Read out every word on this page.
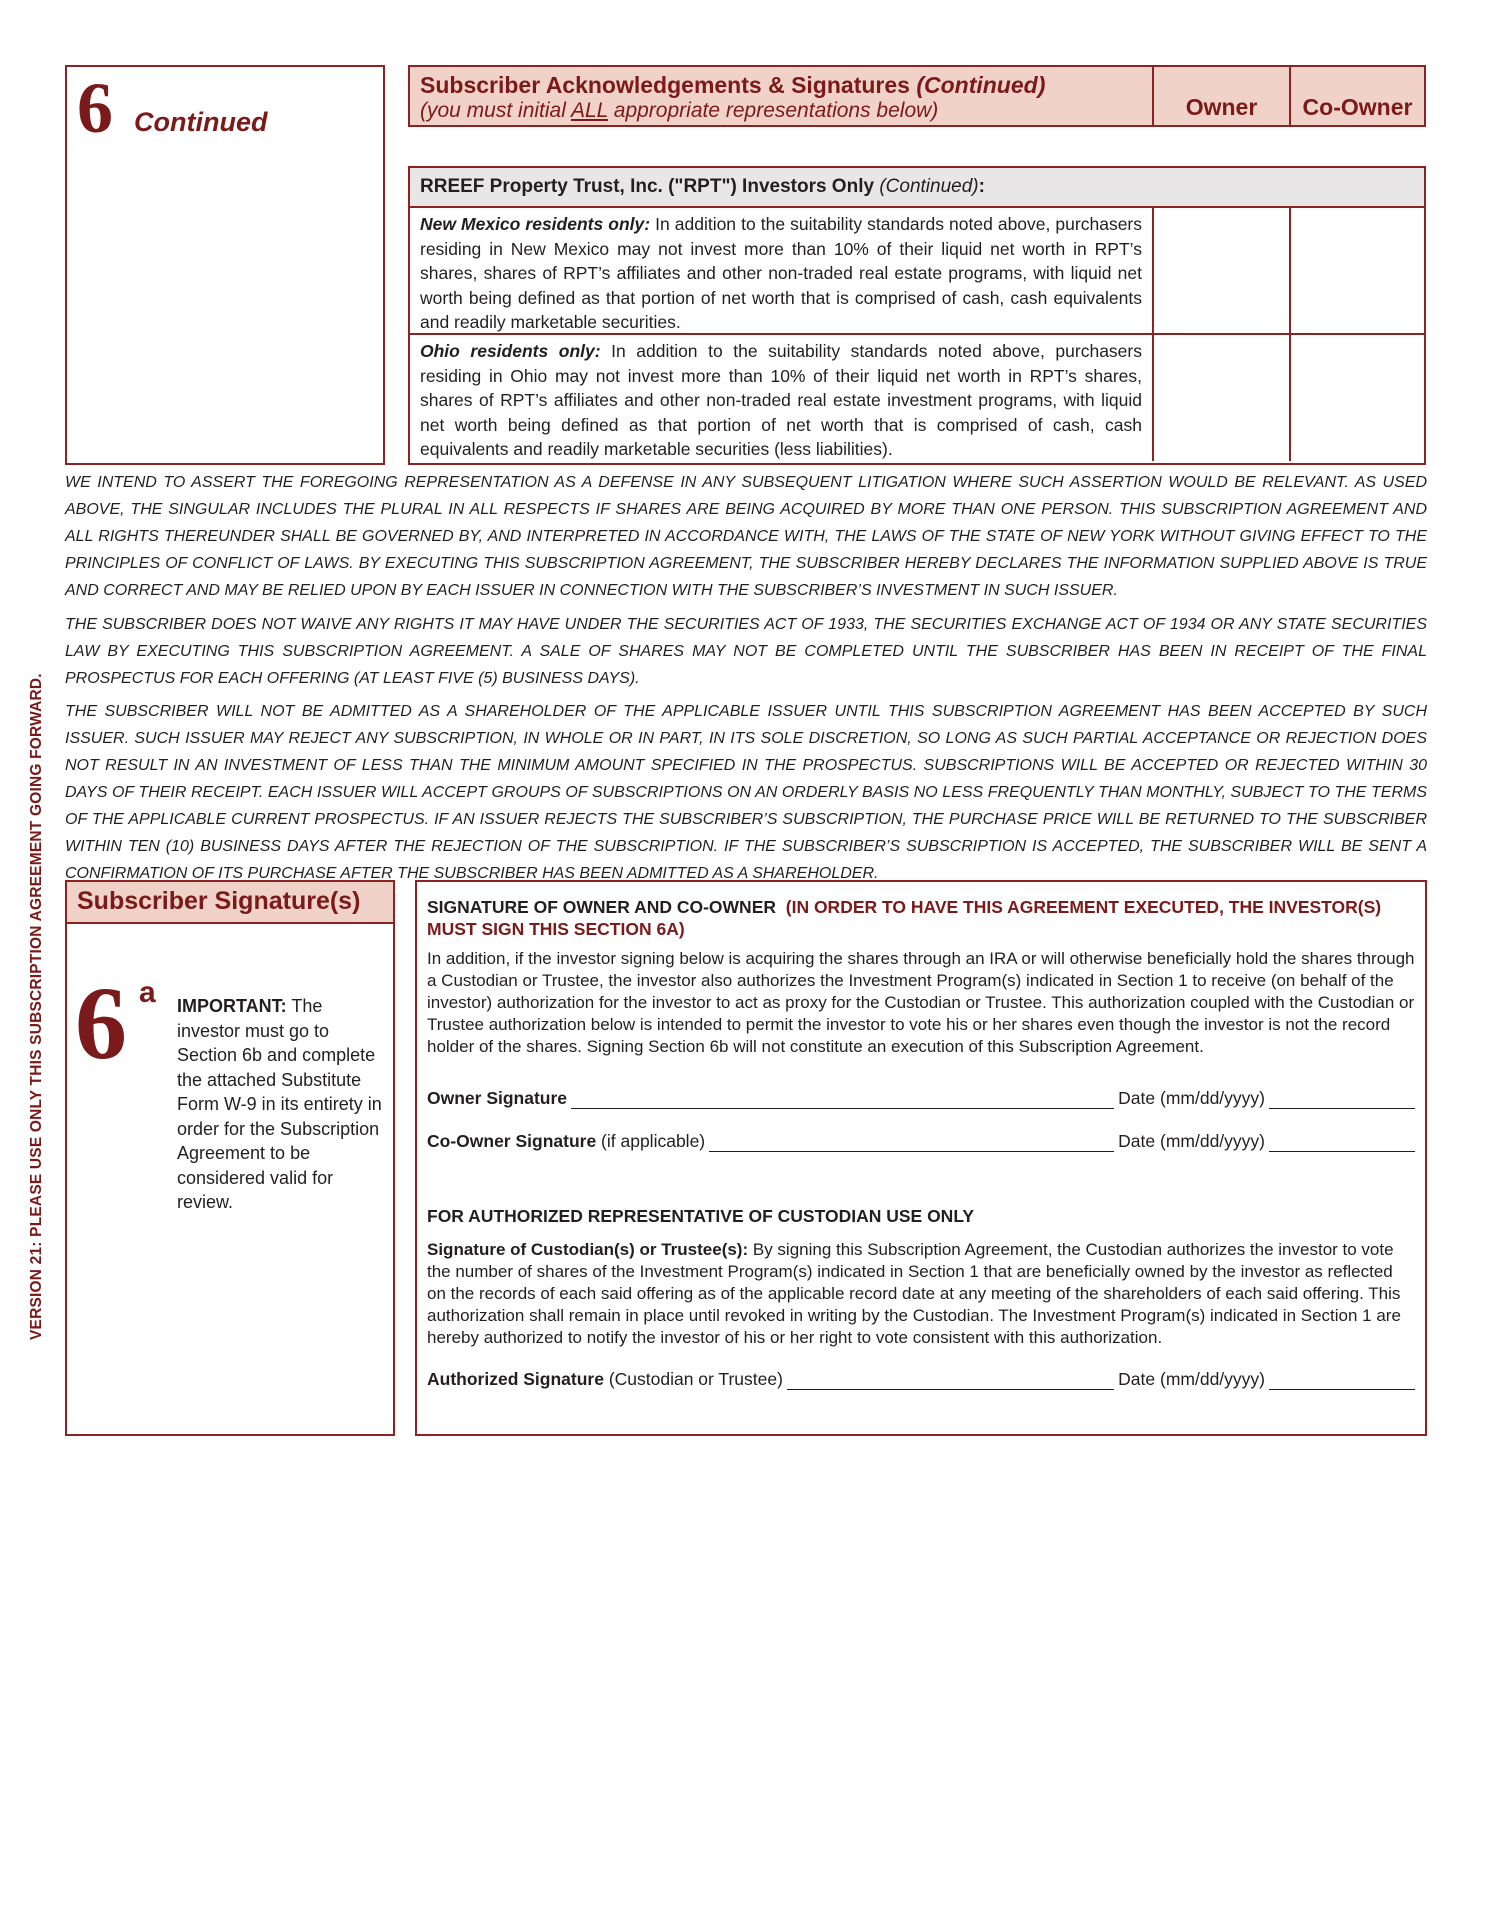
VERSION 21: PLEASE USE ONLY THIS SUBSCRIPTION AGREEMENT GOING FORWARD.
6 Continued
Subscriber Acknowledgements & Signatures (Continued)
(you must initial ALL appropriate representations below)	Owner	Co-Owner
RREEF Property Trust, Inc. ("RPT") Investors Only (Continued):
New Mexico residents only: In addition to the suitability standards noted above, purchasers residing in New Mexico may not invest more than 10% of their liquid net worth in RPT’s shares, shares of RPT’s affiliates and other non-traded real estate programs, with liquid net worth being defined as that portion of net worth that is comprised of cash, cash equivalents and readily marketable securities.
Ohio residents only: In addition to the suitability standards noted above, purchasers residing in Ohio may not invest more than 10% of their liquid net worth in RPT’s shares, shares of RPT’s affiliates and other non-traded real estate investment programs, with liquid net worth being defined as that portion of net worth that is comprised of cash, cash equivalents and readily marketable securities (less liabilities).
WE INTEND TO ASSERT THE FOREGOING REPRESENTATION AS A DEFENSE IN ANY SUBSEQUENT LITIGATION WHERE SUCH ASSERTION WOULD BE RELEVANT. AS USED ABOVE, THE SINGULAR INCLUDES THE PLURAL IN ALL RESPECTS IF SHARES ARE BEING ACQUIRED BY MORE THAN ONE PERSON. THIS SUBSCRIPTION AGREEMENT AND ALL RIGHTS THEREUNDER SHALL BE GOVERNED BY, AND INTERPRETED IN ACCORDANCE WITH, THE LAWS OF THE STATE OF NEW YORK WITHOUT GIVING EFFECT TO THE PRINCIPLES OF CONFLICT OF LAWS. BY EXECUTING THIS SUBSCRIPTION AGREEMENT, THE SUBSCRIBER HEREBY DECLARES THE INFORMATION SUPPLIED ABOVE IS TRUE AND CORRECT AND MAY BE RELIED UPON BY EACH ISSUER IN CONNECTION WITH THE SUBSCRIBER’S INVESTMENT IN SUCH ISSUER.
THE SUBSCRIBER DOES NOT WAIVE ANY RIGHTS IT MAY HAVE UNDER THE SECURITIES ACT OF 1933, THE SECURITIES EXCHANGE ACT OF 1934 OR ANY STATE SECURITIES LAW BY EXECUTING THIS SUBSCRIPTION AGREEMENT. A SALE OF SHARES MAY NOT BE COMPLETED UNTIL THE SUBSCRIBER HAS BEEN IN RECEIPT OF THE FINAL PROSPECTUS FOR EACH OFFERING (AT LEAST FIVE (5) BUSINESS DAYS).
THE SUBSCRIBER WILL NOT BE ADMITTED AS A SHAREHOLDER OF THE APPLICABLE ISSUER UNTIL THIS SUBSCRIPTION AGREEMENT HAS BEEN ACCEPTED BY SUCH ISSUER. SUCH ISSUER MAY REJECT ANY SUBSCRIPTION, IN WHOLE OR IN PART, IN ITS SOLE DISCRETION, SO LONG AS SUCH PARTIAL ACCEPTANCE OR REJECTION DOES NOT RESULT IN AN INVESTMENT OF LESS THAN THE MINIMUM AMOUNT SPECIFIED IN THE PROSPECTUS. SUBSCRIPTIONS WILL BE ACCEPTED OR REJECTED WITHIN 30 DAYS OF THEIR RECEIPT. EACH ISSUER WILL ACCEPT GROUPS OF SUBSCRIPTIONS ON AN ORDERLY BASIS NO LESS FREQUENTLY THAN MONTHLY, SUBJECT TO THE TERMS OF THE APPLICABLE CURRENT PROSPECTUS. IF AN ISSUER REJECTS THE SUBSCRIBER’S SUBSCRIPTION, THE PURCHASE PRICE WILL BE RETURNED TO THE SUBSCRIBER WITHIN TEN (10) BUSINESS DAYS AFTER THE REJECTION OF THE SUBSCRIPTION. IF THE SUBSCRIBER’S SUBSCRIPTION IS ACCEPTED, THE SUBSCRIBER WILL BE SENT A CONFIRMATION OF ITS PURCHASE AFTER THE SUBSCRIBER HAS BEEN ADMITTED AS A SHAREHOLDER.
Subscriber Signature(s)
6 a IMPORTANT: The investor must go to Section 6b and complete the attached Substitute Form W-9 in its entirety in order for the Subscription Agreement to be considered valid for review.
SIGNATURE OF OWNER AND CO-OWNER (IN ORDER TO HAVE THIS AGREEMENT EXECUTED, THE INVESTOR(S) MUST SIGN THIS SECTION 6A)
In addition, if the investor signing below is acquiring the shares through an IRA or will otherwise beneficially hold the shares through a Custodian or Trustee, the investor also authorizes the Investment Program(s) indicated in Section 1 to receive (on behalf of the investor) authorization for the investor to act as proxy for the Custodian or Trustee. This authorization coupled with the Custodian or Trustee authorization below is intended to permit the investor to vote his or her shares even though the investor is not the record holder of the shares. Signing Section 6b will not constitute an execution of this Subscription Agreement.
Owner Signature	Date (mm/dd/yyyy)
Co-Owner Signature (if applicable)	Date (mm/dd/yyyy)
FOR AUTHORIZED REPRESENTATIVE OF CUSTODIAN USE ONLY
Signature of Custodian(s) or Trustee(s): By signing this Subscription Agreement, the Custodian authorizes the investor to vote the number of shares of the Investment Program(s) indicated in Section 1 that are beneficially owned by the investor as reflected on the records of each said offering as of the applicable record date at any meeting of the shareholders of each said offering. This authorization shall remain in place until revoked in writing by the Custodian. The Investment Program(s) indicated in Section 1 are hereby authorized to notify the investor of his or her right to vote consistent with this authorization.
Authorized Signature (Custodian or Trustee)	Date (mm/dd/yyyy)
